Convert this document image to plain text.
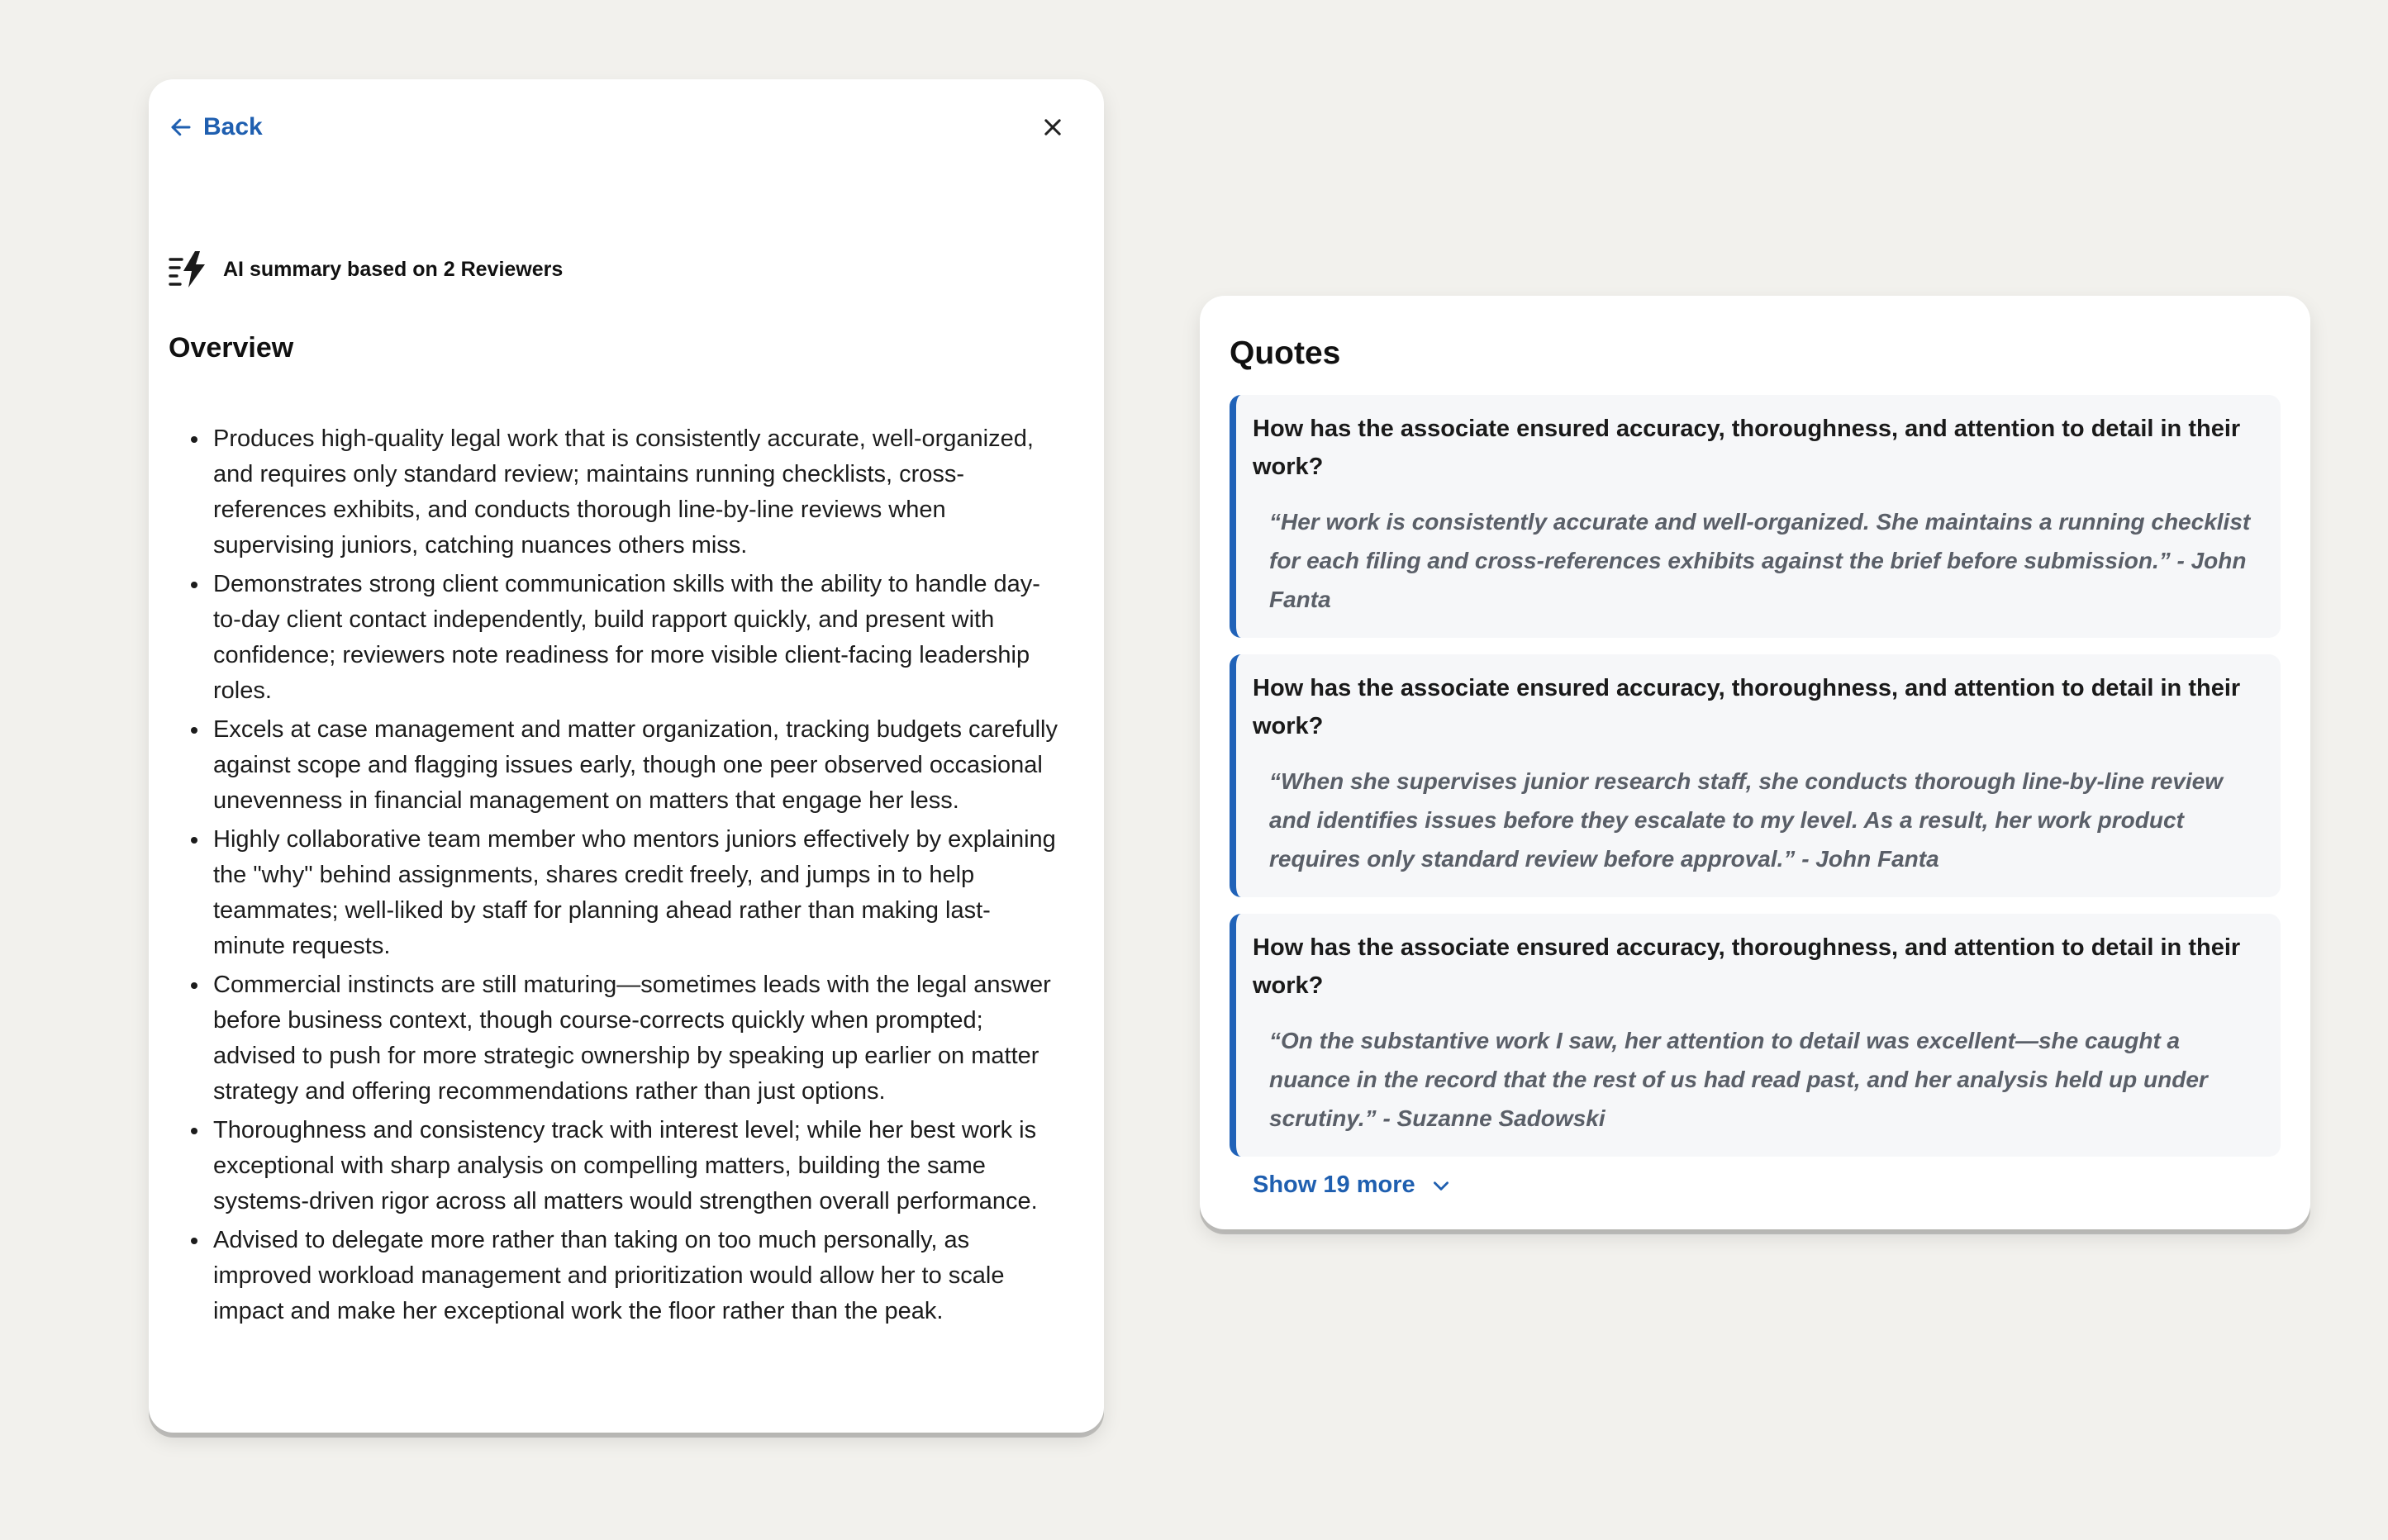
Back
AI summary based on 2 Reviewers
Overview
• Produces high-quality legal work that is consistently accurate, well-organized, and requires only standard review; maintains running checklists, cross-references exhibits, and conducts thorough line-by-line reviews when supervising juniors, catching nuances others miss.
• Demonstrates strong client communication skills with the ability to handle day-to-day client contact independently, build rapport quickly, and present with confidence; reviewers note readiness for more visible client-facing leadership roles.
• Excels at case management and matter organization, tracking budgets carefully against scope and flagging issues early, though one peer observed occasional unevenness in financial management on matters that engage her less.
• Highly collaborative team member who mentors juniors effectively by explaining the "why" behind assignments, shares credit freely, and jumps in to help teammates; well-liked by staff for planning ahead rather than making last-minute requests.
• Commercial instincts are still maturing—sometimes leads with the legal answer before business context, though course-corrects quickly when prompted; advised to push for more strategic ownership by speaking up earlier on matter strategy and offering recommendations rather than just options.
• Thoroughness and consistency track with interest level; while her best work is exceptional with sharp analysis on compelling matters, building the same systems-driven rigor across all matters would strengthen overall performance.
• Advised to delegate more rather than taking on too much personally, as improved workload management and prioritization would allow her to scale impact and make her exceptional work the floor rather than the peak.
Quotes
How has the associate ensured accuracy, thoroughness, and attention to detail in their work?
“Her work is consistently accurate and well-organized. She maintains a running checklist for each filing and cross-references exhibits against the brief before submission.” - John Fanta
How has the associate ensured accuracy, thoroughness, and attention to detail in their work?
“When she supervises junior research staff, she conducts thorough line-by-line review and identifies issues before they escalate to my level. As a result, her work product requires only standard review before approval.” - John Fanta
How has the associate ensured accuracy, thoroughness, and attention to detail in their work?
“On the substantive work I saw, her attention to detail was excellent—she caught a nuance in the record that the rest of us had read past, and her analysis held up under scrutiny.” - Suzanne Sadowski
Show 19 more
